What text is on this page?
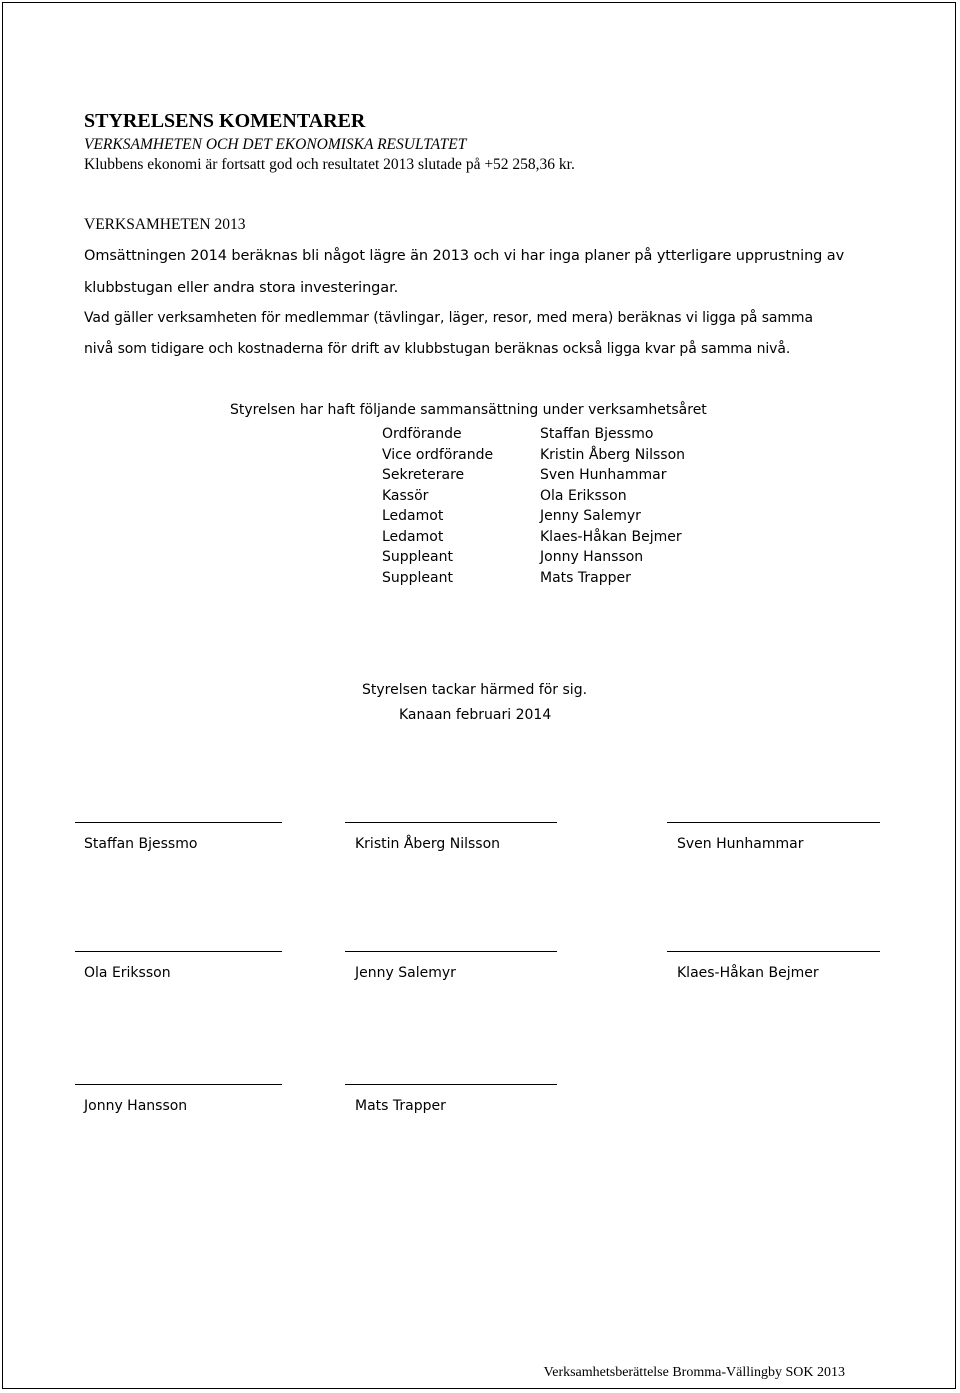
STYRELSENS KOMENTARER
VERKSAMHETEN OCH DET EKONOMISKA RESULTATET
Klubbens ekonomi är fortsatt god och resultatet 2013 slutade på +52 258,36 kr.
VERKSAMHETEN 2013
Omsättningen 2014 beräknas bli något lägre än 2013 och vi har inga planer på ytterligare upprustning av
klubbstugan eller andra stora investeringar.
Vad gäller verksamheten för medlemmar (tävlingar, läger, resor, med mera) beräknas vi ligga på samma
nivå som tidigare och kostnaderna för drift av klubbstugan beräknas också ligga kvar på samma nivå.
Styrelsen har haft följande sammansättning under verksamhetsåret
Ordförande	Staffan Bjessmo
Vice ordförande	Kristin Åberg Nilsson
Sekreterare	Sven Hunhammar
Kassör	Ola Eriksson
Ledamot	Jenny Salemyr
Ledamot	Klaes-Håkan Bejmer
Suppleant	Jonny Hansson
Suppleant	Mats Trapper
Styrelsen tackar härmed för sig.
Kanaan februari 2014
Staffan Bjessmo	Kristin Åberg Nilsson	Sven Hunhammar
Ola Eriksson	Jenny Salemyr	Klaes-Håkan Bejmer
Jonny Hansson	Mats Trapper
Verksamhetsberättelse Bromma-Vällingby SOK 2013
